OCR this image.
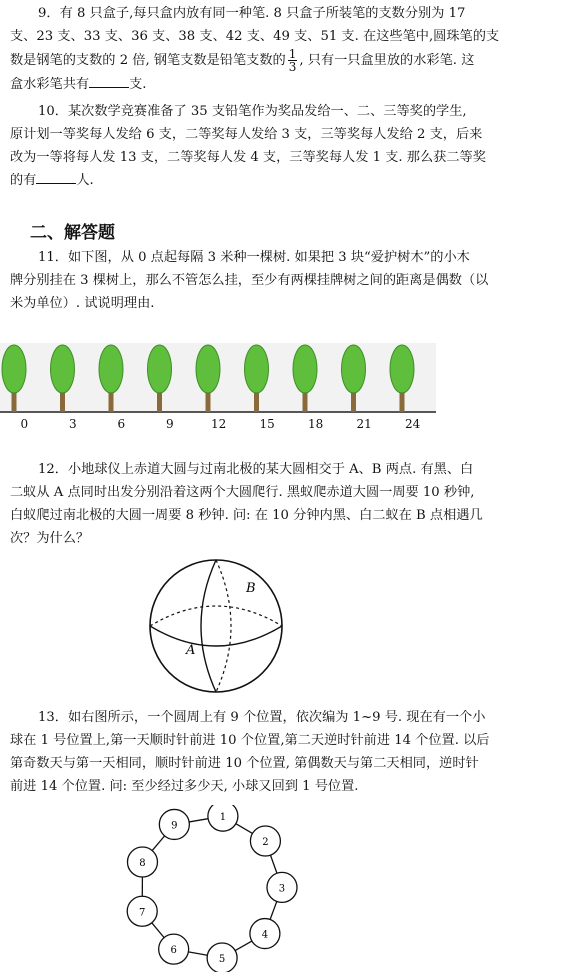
9．有 8 只盒子,每只盒内放有同一种笔. 8 只盒子所装笔的支数分别为 17
支、23 支、33 支、36 支、38 支、42 支、49 支、51 支. 在这些笔中,圆珠笔的支
数是钢笔的支数的 2 倍, 钢笔支数是铅笔支数的 $\frac{1}{3}$ , 只有一只盒里放的水彩笔. 这
盒水彩笔共有	支.
10．某次数学竞赛准备了 35 支铅笔作为奖品发给一、二、三等奖的学生,
原计划一等奖每人发给 6 支，二等奖每人发给 3 支，三等奖每人发给 2 支，后来
改为一等将每人发 13 支，二等奖每人发 4 支，三等奖每人发 1 支. 那么获二等奖
的有	人.
二、解答题
11．如下图，从 0 点起每隔 3 米种一棵树. 如果把 3 块“爱护树木”的小木
牌分别挂在 3 棵树上，那么不管怎么挂，至少有两棵挂牌树之间的距离是偶数（以
米为单位）. 试说明理由.
0	3	6	9	12	15	18	21	24
12．小地球仪上赤道大圆与过南北极的某大圆相交于 A、B 两点. 有黑、白
二蚁从 A 点同时出发分别沿着这两个大圆爬行. 黑蚁爬赤道大圆一周要 10 秒钟,
白蚁爬过南北极的大圆一周要 8 秒钟. 问: 在 10 分钟内黑、白二蚁在 B 点相遇几
次？为什么？
A
B
13．如右图所示，一个圆周上有 9 个位置，依次编为 1~9 号. 现在有一个小
球在 1 号位置上,第一天顺时针前进 10 个位置,第二天逆时针前进 14 个位置. 以后
第奇数天与第一天相同，顺时针前进 10 个位置, 第偶数天与第二天相同，逆时针
前进 14 个位置. 问: 至少经过多少天, 小球又回到 1 号位置.
1
2
3
4
5
6
7
8
9
